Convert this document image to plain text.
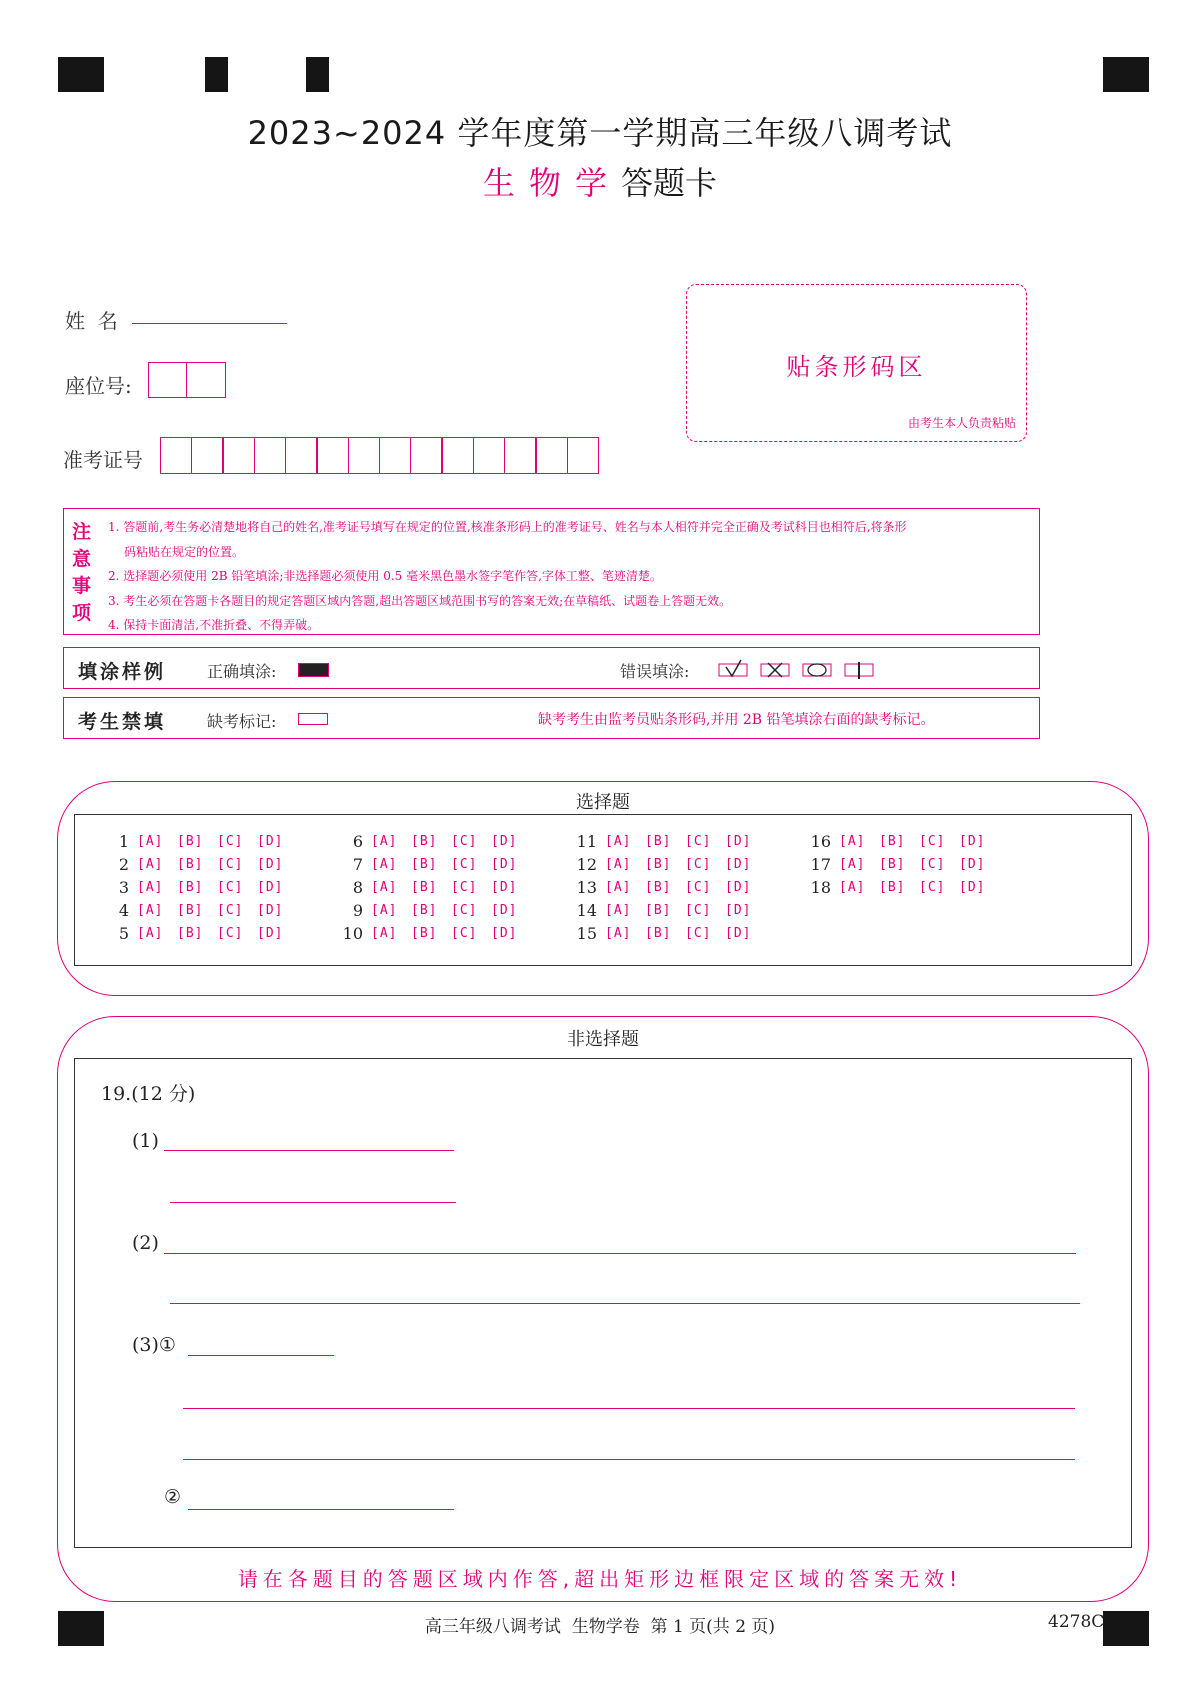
2023~2024 学年度第一学期高三年级八调考试
生物学答题卡
姓  名
座位号:
准考证号
贴条形码区
由考生本人负责粘贴
注意事项
1. 答题前,考生务必清楚地将自己的姓名,准考证号填写在规定的位置,核准条形码上的准考证号、姓名与本人相符并完全正确及考试科目也相符后,将条形
码粘贴在规定的位置。
2. 选择题必须使用 2B 铅笔填涂;非选择题必须使用 0.5 毫米黑色墨水签字笔作答,字体工整、笔迹清楚。
3. 考生必须在答题卡各题目的规定答题区域内答题,超出答题区域范围书写的答案无效;在草稿纸、试题卷上答题无效。
4. 保持卡面清洁,不准折叠、不得弄破。
填涂样例	正确填涂:	错误填涂:
考生禁填	缺考标记:	缺考考生由监考员贴条形码,并用 2B 铅笔填涂右面的缺考标记。
选择题
1 [A] [B] [C] [D]
2 [A] [B] [C] [D]
3 [A] [B] [C] [D]
4 [A] [B] [C] [D]
5 [A] [B] [C] [D]
6 [A] [B] [C] [D]
7 [A] [B] [C] [D]
8 [A] [B] [C] [D]
9 [A] [B] [C] [D]
10 [A] [B] [C] [D]
11 [A] [B] [C] [D]
12 [A] [B] [C] [D]
13 [A] [B] [C] [D]
14 [A] [B] [C] [D]
15 [A] [B] [C] [D]
16 [A] [B] [C] [D]
17 [A] [B] [C] [D]
18 [A] [B] [C] [D]
非选择题
19.(12 分)
(1)
(2)
(3)①
②
请在各题目的答题区域内作答,超出矩形边框限定区域的答案无效!
高三年级八调考试  生物学卷  第 1 页(共 2 页)	4278C
